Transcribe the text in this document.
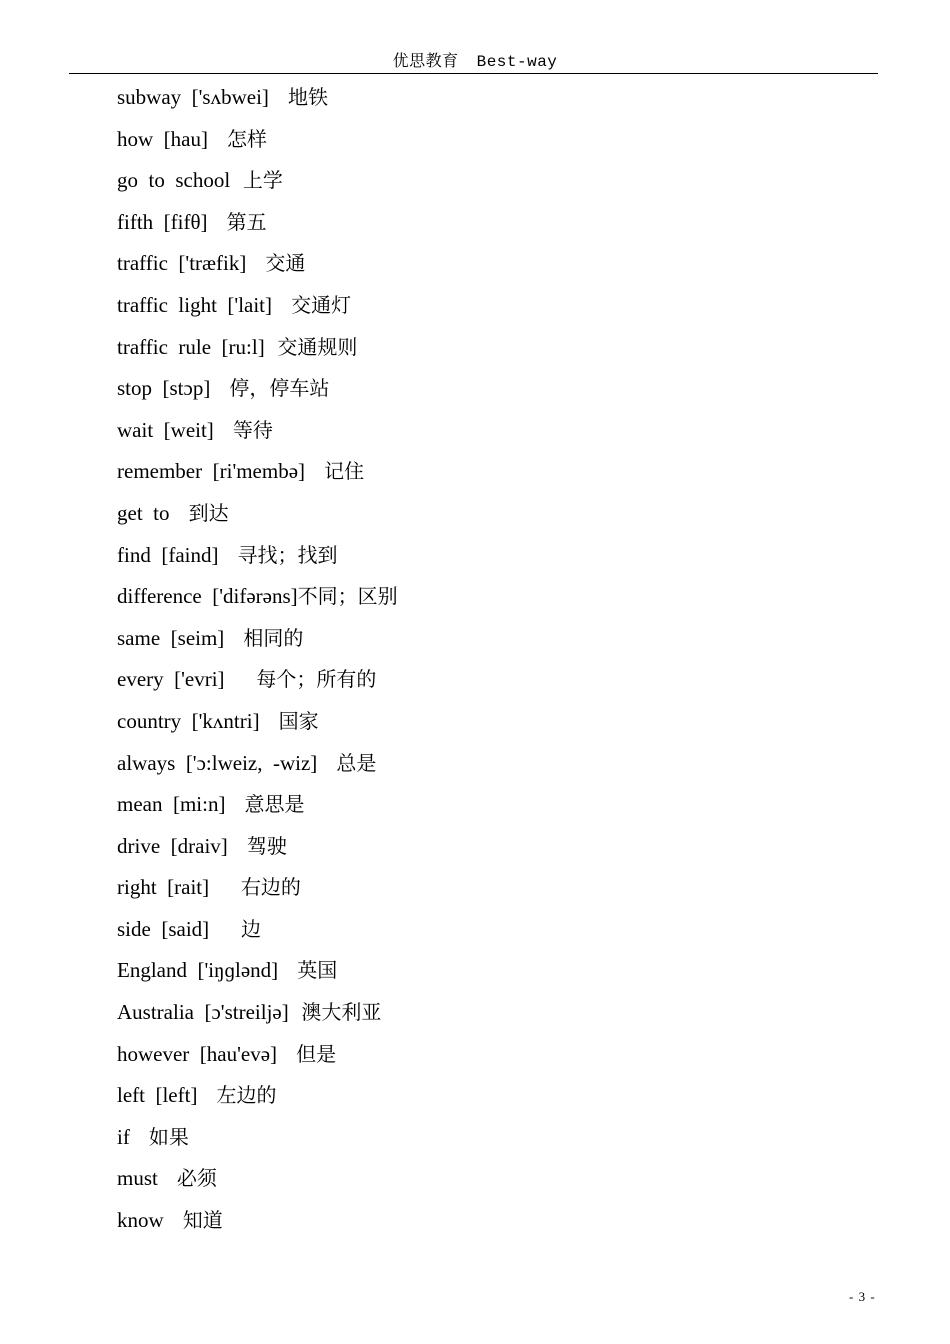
优思教育 Best-way
subway  ['sʌbwei]   地铁
how  [hau]   怎样
go  to  school  上学
fifth  [fifθ]   第五
traffic  ['træfik]   交通
traffic  light  ['lait]   交通灯
traffic  rule  [ru:l]  交通规则
stop  [stɔp]   停，停车站
wait  [weit]   等待
remember  [ri'membə]   记住
get  to   到达
find  [faind]   寻找；找到
difference  ['difərəns]不同；区别
same  [seim]   相同的
every  ['evri]     每个；所有的
country  ['kʌntri]   国家
always  ['ɔ:lweiz,  -wiz]   总是
mean  [mi:n]   意思是
drive  [draiv]   驾驶
right  [rait]     右边的
side  [said]     边
England  ['iŋɡlənd]   英国
Australia  [ɔ'streiljə]  澳大利亚
however  [hau'evə]   但是
left  [left]   左边的
if   如果
must   必须
know   知道
- 3 -
